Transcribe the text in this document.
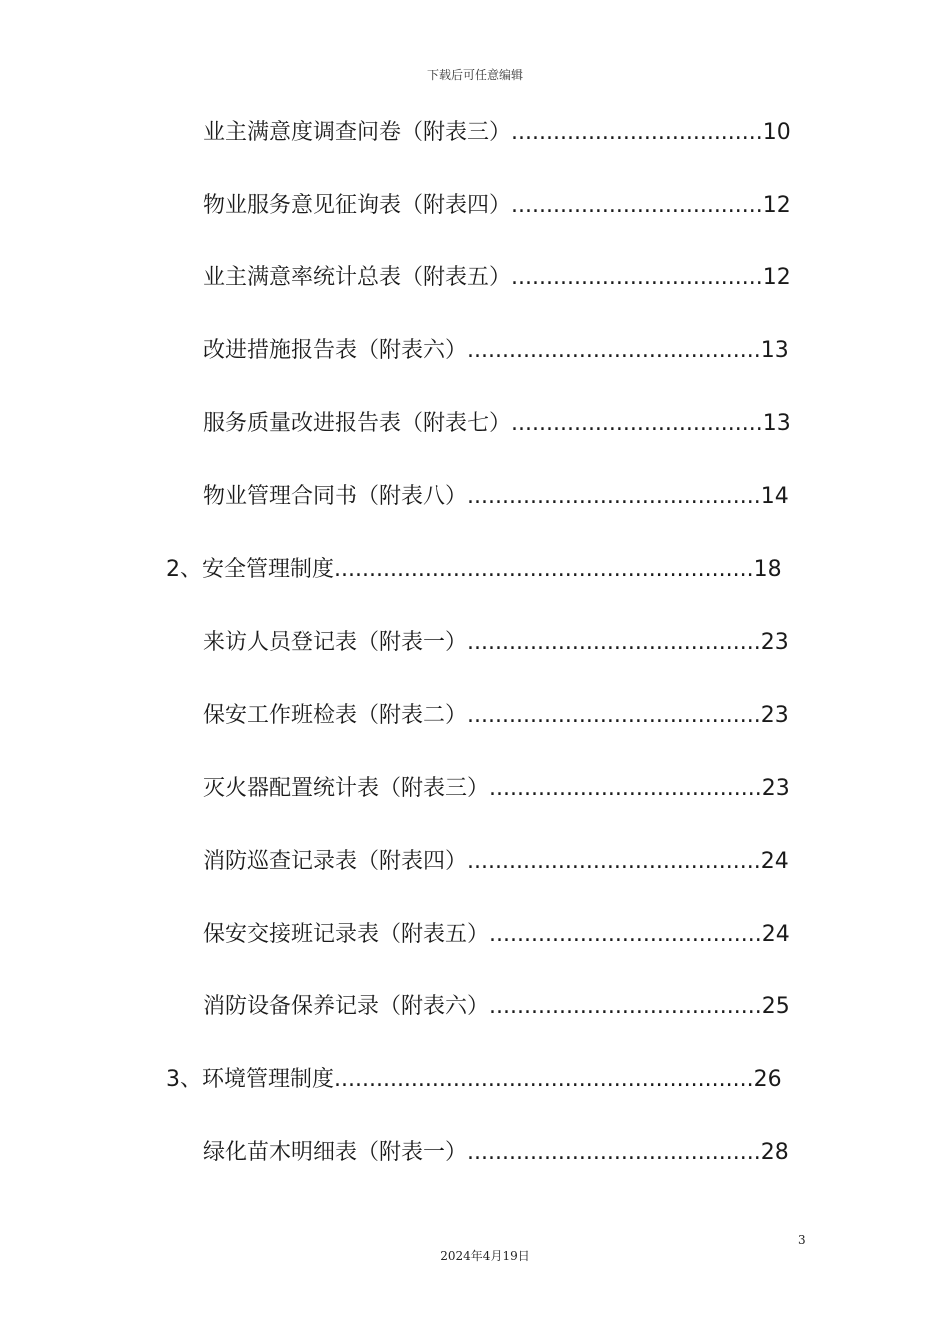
下载后可任意编辑
业主满意度调查问卷（附表三） .................................... 10
物业服务意见征询表（附表四） .................................... 12
业主满意率统计总表（附表五） .................................... 12
改进措施报告表（附表六） .......................................... 13
服务质量改进报告表（附表七） .................................... 13
物业管理合同书（附表八） .......................................... 14
2、安全管理制度 ............................................................ 18
来访人员登记表（附表一） .......................................... 23
保安工作班检表（附表二） .......................................... 23
灭火器配置统计表（附表三） ....................................... 23
消防巡查记录表（附表四） .......................................... 24
保安交接班记录表（附表五） ....................................... 24
消防设备保养记录（附表六） ....................................... 25
3、环境管理制度 ............................................................ 26
绿化苗木明细表（附表一） .......................................... 28
3
2024年4月19日
